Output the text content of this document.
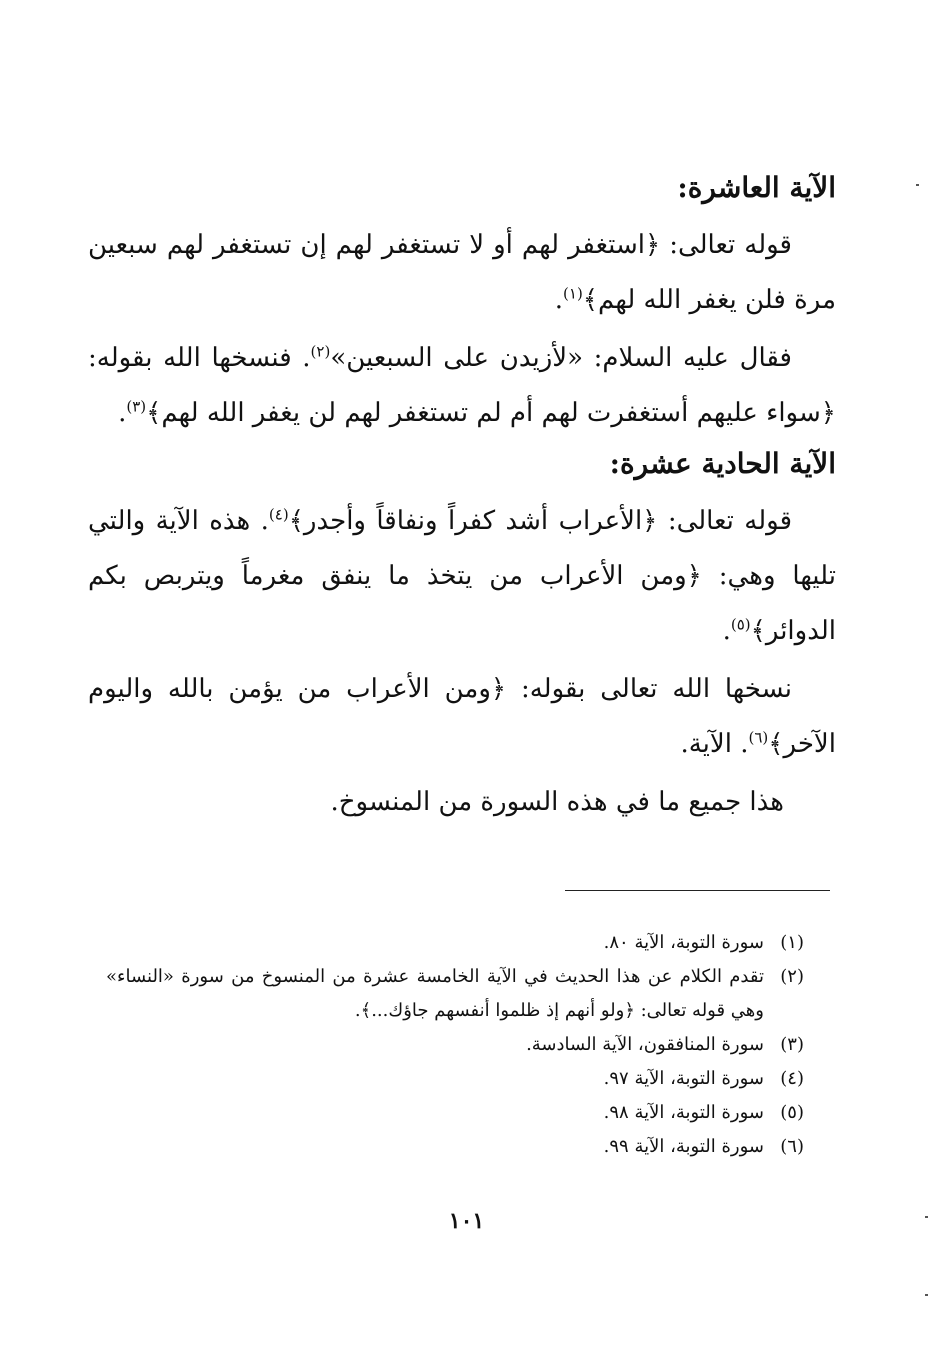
الآية العاشرة:

قوله تعالى: ﴿استغفر لهم أو لا تستغفر لهم إن تستغفر لهم سبعين مرة فلن يغفر الله لهم﴾$^{(١)}$.

فقال عليه السلام: «لأزيدن على السبعين»$^{(٢)}$. فنسخها الله بقوله: ﴿سواء عليهم أستغفرت لهم أم لم تستغفر لهم لن يغفر الله لهم﴾$^{(٣)}$.

الآية الحادية عشرة:

قوله تعالى: ﴿الأعراب أشد كفراً ونفاقاً وأجدر﴾$^{(٤)}$. هذه الآية والتي تليها وهي: ﴿ومن الأعراب من يتخذ ما ينفق مغرماً ويتربص بكم الدوائر﴾$^{(٥)}$.

نسخها الله تعالى بقوله: ﴿ومن الأعراب من يؤمن بالله واليوم الآخر﴾$^{(٦)}$. الآية.

هذا جميع ما في هذه السورة من المنسوخ.

(١)
سورة التوبة، الآية ٨٠.
(٢)
تقدم الكلام عن هذا الحديث في الآية الخامسة عشرة من المنسوخ من سورة «النساء» وهي قوله تعالى: ﴿ولو أنهم إذ ظلموا أنفسهم جاؤك...﴾.
(٣)
سورة المنافقون، الآية السادسة.
(٤)
سورة التوبة، الآية ٩٧.
(٥)
سورة التوبة، الآية ٩٨.
(٦)
سورة التوبة، الآية ٩٩.
١٠١
